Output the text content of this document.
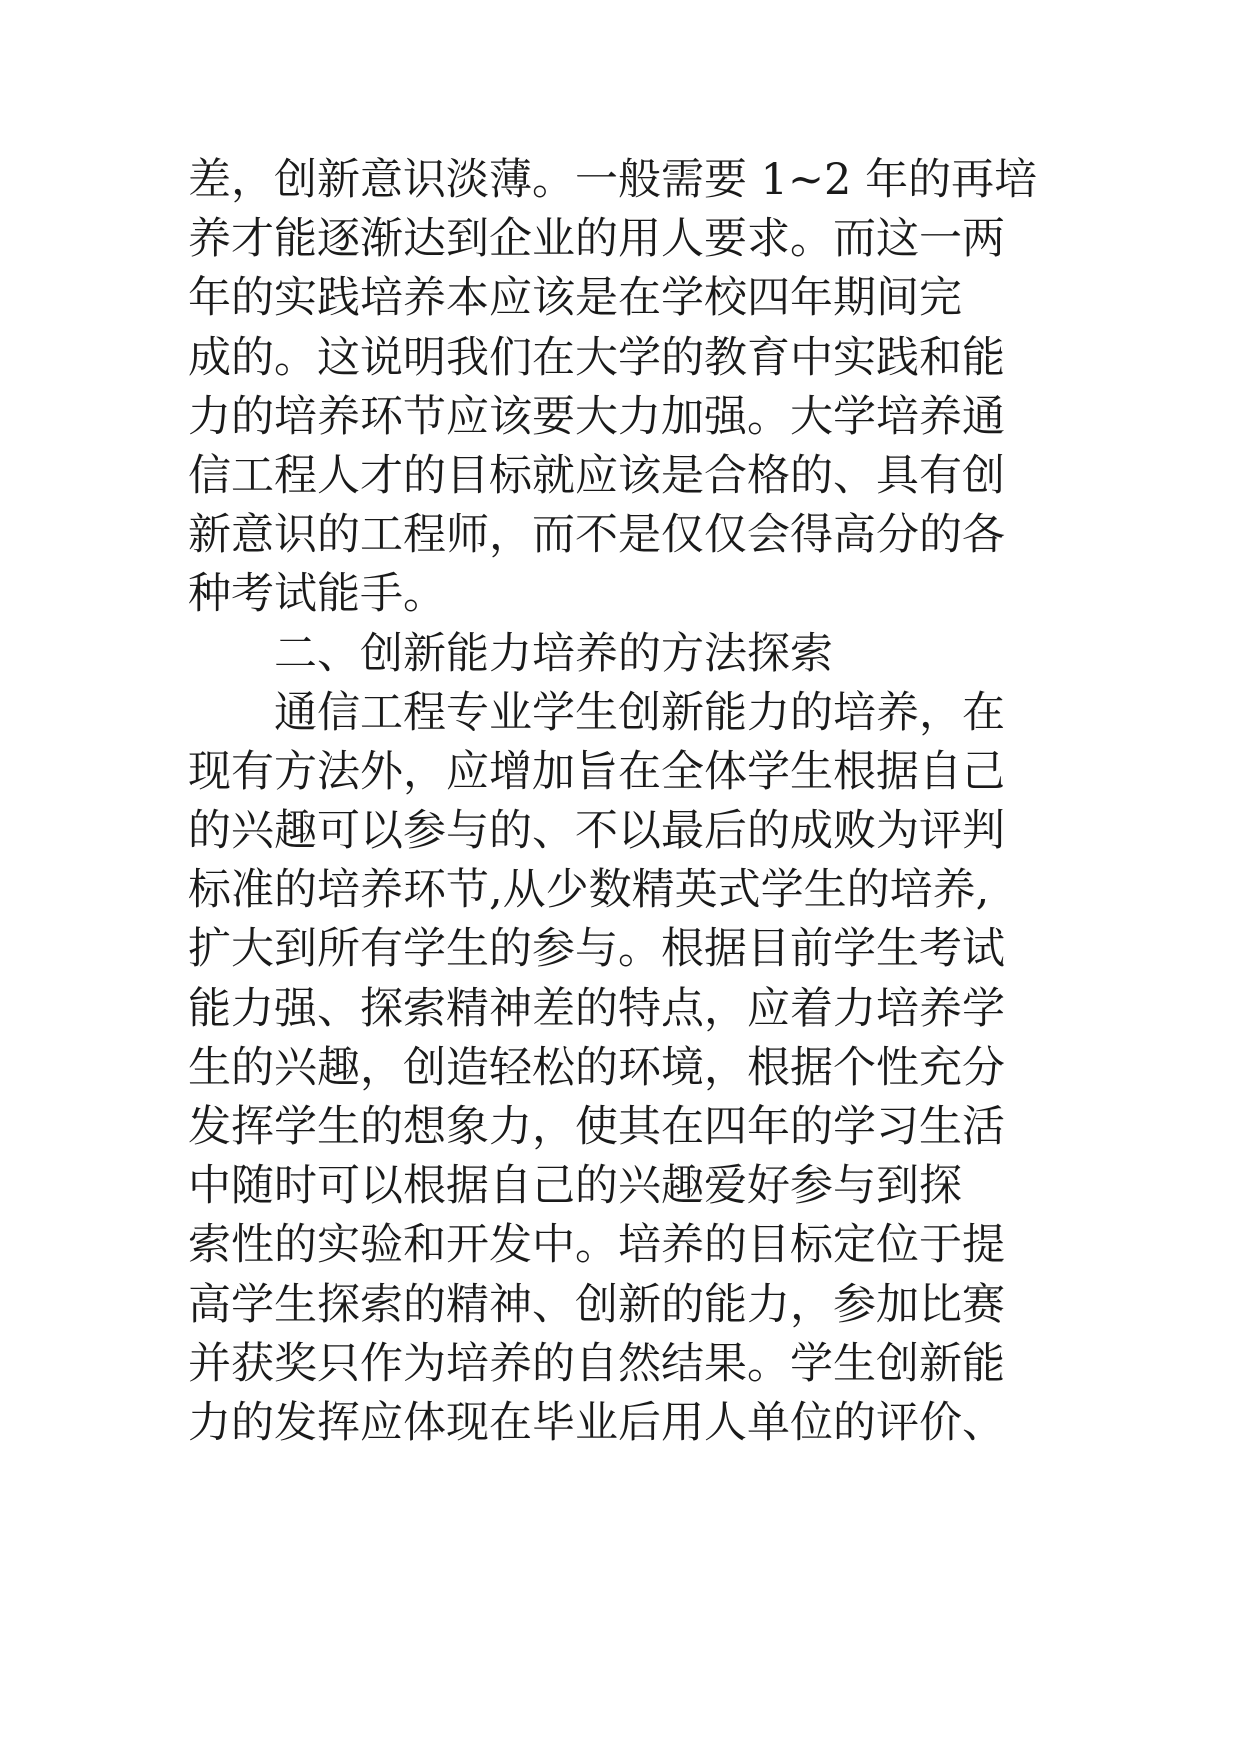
差，创新意识淡薄。一般需要 1~2 年的再培
养才能逐渐达到企业的用人要求。而这一两
年的实践培养本应该是在学校四年期间完
成的。这说明我们在大学的教育中实践和能
力的培养环节应该要大力加强。大学培养通
信工程人才的目标就应该是合格的、具有创
新意识的工程师，而不是仅仅会得高分的各
种考试能手。
　　二、创新能力培养的方法探索
　　通信工程专业学生创新能力的培养，在
现有方法外，应增加旨在全体学生根据自己
的兴趣可以参与的、不以最后的成败为评判
标准的培养环节,从少数精英式学生的培养,
扩大到所有学生的参与。根据目前学生考试
能力强、探索精神差的特点，应着力培养学
生的兴趣，创造轻松的环境，根据个性充分
发挥学生的想象力，使其在四年的学习生活
中随时可以根据自己的兴趣爱好参与到探
索性的实验和开发中。培养的目标定位于提
高学生探索的精神、创新的能力，参加比赛
并获奖只作为培养的自然结果。学生创新能
力的发挥应体现在毕业后用人单位的评价、
